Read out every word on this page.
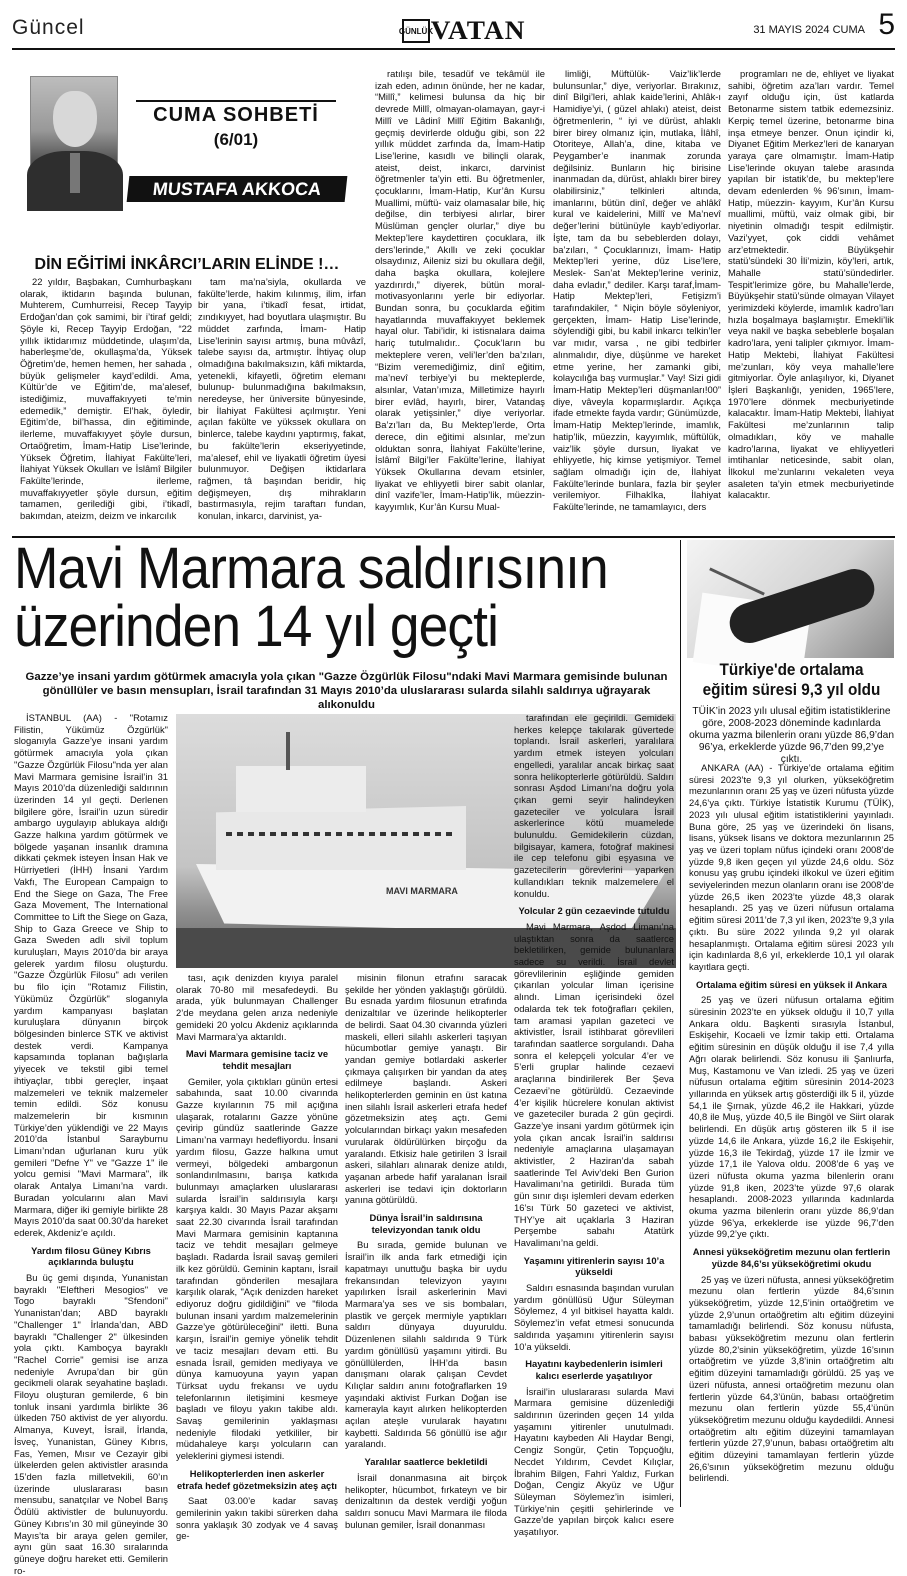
Güncel	GÜNLÜK
VATAN	31 MAYIS 2024 CUMA 5
CUMA SOHBETİ
(6/01)
MUSTAFA AKKOCA
DİN EĞİTİMİ İNKÂRCI’LARIN ELİNDE !…

22 yıldır, Başbakan, Cumhurbaşkanı olarak, iktidarın başında bulunan, Muhterem, Cumhurreisi, Recep Tayyip Erdoğan’dan çok samimi, bir i’tiraf geldi; Şöyle ki, Recep Tayyip Erdoğan, “22 yıllık iktidarımız müddetinde, ulaşım’da, haberleşme’de, okullaşma’da, Yüksek Öğretim’de, hemen hemen, her sahada , büyük gelişmeler kayd’edildi. Ama, Kültür’de ve Eğitim’de, ma’alesef, istediğimiz, muvaffakıyyeti te’min edemedik,” demiştir. El’hak, öyledir, Eğitim’de, bil’hassa, din eğitiminde, ilerleme, muvaffakıyyet şöyle dursun, Ortaöğretim, İmam-Hatip Lise’lerinde, Yüksek Öğretim, İlahiyat Fakülte’leri, İlahiyat Yüksek Okulları ve İslâmî Bilgiler Fakülte’lerinde, ilerleme, muvaffakıyyetler şöyle dursun, eğitim tamamen, gerilediği gibi, i’tikadî, bakımdan, ateizm, deizm ve inkarcılık

tam ma’na’siyla, okullarda ve fakülte’lerde, hakim kılınmış, ilim, irfan bir yana, i’tikadî fesat, irtidat, zındıkıyyet, had boyutlara ulaşmıştır. Bu müddet zarfında, İmam- Hatip Lise’lerinin sayısı artmış, buna mûvâzî, talebe sayısı da, artmıştır. İhtiyaç olup olmadığına bakılmaksızın, kâfi miktarda, yetenekli, kifayetli, öğretim elemanı bulunup- bulunmadığına bakılmaksın, neredeyse, her üniversite bünyesinde, bir İlahiyat Fakültesi açılmıştır. Yeni açılan fakülte ve yükssek okullara on binlerce, talebe kaydını yaptırmış, fakat, bu fakülte’lerin ekseriyyetinde, ma’alesef, ehil ve liyakatli öğretim üyesi bulunmuyor. Değişen iktidarlara rağmen, tâ başından beridir, hiç değişmeyen, dış mihrakların bastırmasıyla, rejim taraftarı fundan, konulan, inkarcı, darvinist, ya-

ratılışı bile, tesadüf ve tekâmül ile izah eden, adının önünde, her ne kadar, “Millî,” kelimesi bulunsa da hiç bir devrede Millî, olmayan-olamayan, gayr-i Millî ve Lâdinî Millî Eğitim Bakanlığı, geçmiş devirlerde olduğu gibi, son 22 yıllık müddet zarfında da, İmam-Hatip Lise’lerine, kasıdlı ve bilinçli olarak, ateist, deist, inkarcı, darvinist öğretmenler ta’yin etti. Bu öğretmenler, çocuklarını, İmam-Hatip, Kur’ân Kursu Muallimi, müftü- vaiz olamasalar bile, hiç değilse, din terbiyesi alırlar, birer Müslüman gençler olurlar,” diye bu Mektep’lere kaydettiren çocuklara, ilk ders’lerinde,” Akıllı ve zeki çocuklar olsaydınız, Aileniz sizi bu okullara değil, daha başka okullara, kolejlere yazdırırdı,” diyerek, bütün moral-motivasyonlarını yerle bir ediyorlar. Bundan sonra, bu çocuklarda eğitim hayatlarında muvaffakıyyet beklemek hayal olur. Tabi’idir, ki istisnalara daima hariç tutulmalıdır.. Çocuk’ların bu mekteplere veren, veli’ler’den ba’zıları, “Bizim veremediğimiz, dinî eğitim, ma’nevî terbiye’yi bu mekteplerde, alsınlar, Vatan’ımıza, Milletimize hayırlı birer evlâd, hayırlı, birer, Vatandaş olarak yetişsinler,” diye veriyorlar. Ba’zı’ları da, Bu Mektep’lerde, Orta derece, din eğitimi alsınlar, me’zun olduktan sonra, İlahiyat Fakülte’lerine, İslâmî Bilgi’ler Fakülte’lerine, İlahiyat Yüksek Okullarına devam etsinler, liyakat ve ehliyyetli birer sabit olanlar, dinî vazife’ler, İmam-Hatip’lik, müezzin- kayyımlık, Kur’ân Kursu Mual-

limliği, Müftülük- Vaiz’lik’lerde bulunsunlar,” diye, veriyorlar. Bırakınız, dinî Bilgi’leri, ahlak kaide’lerini, Ahlâk-ı Hamidiye’yi, ( güzel ahlakı) ateist, deist öğretmenlerin, “ iyi ve dürüst, ahlaklı birer birey olmanız için, mutlaka, İlâhî, Otoriteye, Allah’a, dine, kitaba ve Peygamber’e inanmak zorunda değilsiniz. Bunların hiç birisine inanmadan da, dürüst, ahlaklı birer birey olabilirsiniz,” telkinleri altında, imanlarını, bütün dinî, değer ve ahlâkî kural ve kaidelerini, Millî ve Ma’nevî değer’lerini bütünüyle kayb’ediyorlar. İşte, tam da bu sebeblerden dolayı, ba’zıları, “ Çocuklarınızı, İmam- Hatip Mektep’leri yerine, düz Lise’lere, Meslek- San’at Mektep’lerine veriniz, daha evladır,” dediler. Karşı taraf,İmam- Hatip Mektep’leri, Fetişizm’i tarafındakiler, “ Niçin böyle söyleniyor, gerçekten, İmam- Hatip Lise’lerinde, söylendiği gibi, bu kabil inkarcı telkin’ler var mıdır, varsa , ne gibi tedbirler alınmalıdır, diye, düşünme ve hareket etme yerine, her zamanki gibi, kolaycılığa baş vurmuşlar.” Vay! Sizi gidi İmam-Hatip Mektep’leri düşmanları!00” diye, vâveyla koparmışlardır. Açıkça ifade etmekte fayda vardır; Günümüzde, İmam-Hatip Mektep’lerinde, imamlık, hatip’lik, müezzin, kayyımlık, müftülük, vaiz’lik şöyle dursun, liyakat ve ehliyyetle, hiç kimse yetişmiyor. Temel sağlam olmadığı için de, İlahiyat Fakülte’lerinde bunlara, fazla bir şeyler verilemiyor. Filhakîka, İlahiyat Fakülte’lerinde, ne tamamlayıcı, ders

programları ne de, ehliyet ve liyakat sahibi, öğretim aza’ları vardır. Temel zayıf olduğu için, üst katlarda Betonarme sistem tatbik edemezsiniz. Kerpiç temel üzerine, betonarme bina inşa etmeye benzer. Onun içindir ki, Diyanet Eğitim Merkez’leri de kanaryan yaraya çare olmamıştır. İmam-Hatip Lise’lerinde okuyan talebe arasında yapılan bir istatik’de, bu mektep’lere devam edenlerden % 96’sının, İmam-Hatip, müezzin- kayyım, Kur’ân Kursu muallimi, müftü, vaiz olmak gibi, bir niyetinin olmadığı tespit edilmiştir. Vazi’yyet, çok ciddi vehâmet arz’etmektedir. Büyükşehir statü’sündeki 30 İli’mizin, köy’leri, artık, Mahalle statü’sündedirler. Tespit’lerimize göre, bu Mahalle’lerde, Büyükşehir statü’sünde olmayan Vilayet yerimizdeki köylerde, imamlık kadro’ları hızla boşalmaya başlamıştır. Emekli’lik veya nakil ve başka sebeblerle boşalan kadro’lara, yeni talipler çıkmıyor. İmam-Hatip Mektebi, İlahiyat Fakültesi me’zunları, köy veya mahalle’lere gitmiyorlar. Öyle anlaşılıyor, ki, Diyanet İşleri Başkanlığı, yeniden, 1965’lere, 1970’lere dönmek mecburiyetinde kalacaktır. İmam-Hatip Mektebi, İlahiyat Fakültesi me’zunlarının talip olmadıkları, köy ve mahalle kadro’larına, liyakat ve ehliyyetleri imtihanlar neticesinde, sabit olan, İlkokul me’zunlarını vekaleten veya asaleten ta’yin etmek mecburiyetinde kalacaktır.

Mavi Marmara saldırısının
üzerinden 14 yıl geçti
Gazze’ye insani yardım götürmek amacıyla yola çıkan "Gazze Özgürlük Filosu"ndaki Mavi Marmara gemisinde bulunan gönüllüler ve basın mensupları, İsrail tarafından 31 Mayıs 2010’da uluslararası sularda silahlı saldırıya uğrayarak alıkonuldu

İSTANBUL (AA) - "Rotamız Filistin, Yükümüz Özgürlük" sloganıyla Gazze’ye insani yardım götürmek amacıyla yola çıkan "Gazze Özgürlük Filosu"nda yer alan Mavi Marmara gemisine İsrail’in 31 Mayıs 2010’da düzenlediği saldırının üzerinden 14 yıl geçti. Derlenen bilgilere göre, İsrail’in uzun süredir ambargo uygulayıp ablukaya aldığı Gazze halkına yardım götürmek ve bölgede yaşanan insanlık dramına dikkati çekmek isteyen İnsan Hak ve Hürriyetleri (İHH) İnsani Yardım Vakfı, The European Campaign to End the Siege on Gaza, The Free Gaza Movement, The International Committee to Lift the Siege on Gaza, Ship to Gaza Greece ve Ship to Gaza Sweden adlı sivil toplum kuruluşları, Mayıs 2010’da bir araya gelerek yardım filosu oluşturdu. "Gazze Özgürlük Filosu" adı verilen bu filo için "Rotamız Filistin, Yükümüz Özgürlük" sloganıyla yardım kampanyası başlatan kuruluşlara dünyanın birçok bölgesinden binlerce STK ve aktivist destek verdi. Kampanya kapsamında toplanan bağışlarla yiyecek ve tekstil gibi temel ihtiyaçlar, tıbbi gereçler, inşaat malzemeleri ve teknik malzemeler temin edildi. Söz konusu malzemelerin bir kısmının Türkiye’den yüklendiği ve 22 Mayıs 2010’da İstanbul Sarayburnu Limanı’ndan uğurlanan kuru yük gemileri "Defne Y" ve "Gazze 1" ile yolcu gemisi "Mavi Marmara", ilk olarak Antalya Limanı’na vardı. Buradan yolcularını alan Mavi Marmara, diğer iki gemiyle birlikte 28 Mayıs 2010’da saat 00.30’da hareket ederek, Akdeniz’e açıldı.

Yardım filosu Güney Kıbrıs açıklarında buluştu

Bu üç gemi dışında, Yunanistan bayraklı "Eleftheri Mesogios" ve Togo bayraklı "Sfendoni" Yunanistan’dan; ABD bayraklı "Challenger 1" İrlanda’dan, ABD bayraklı "Challenger 2" ülkesinden yola çıktı. Kamboçya bayraklı "Rachel Corrie" gemisi ise arıza nedeniyle Avrupa’dan bir gün gecikmeli olarak seyahatine başladı. Filoyu oluşturan gemilerde, 6 bin tonluk insani yardımla birlikte 36 ülkeden 750 aktivist de yer alıyordu. Almanya, Kuveyt, İsrail, İrlanda, İsveç, Yunanistan, Güney Kıbrıs, Fas, Yemen, Mısır ve Cezayir gibi ülkelerden gelen aktivistler arasında 15’den fazla milletvekili, 60’ın üzerinde uluslararası basın mensubu, sanatçılar ve Nobel Barış Ödülü aktivistler de bulunuyordu. Güney Kıbrıs’ın 30 mil güneyinde 30 Mayıs’ta bir araya gelen gemiler, aynı gün saat 16.30 sıralarında güneye doğru hareket etti. Gemilerin ro-

MAVI MARMARA

tası, açık denizden kıyıya paralel olarak 70-80 mil mesafedeydi. Bu arada, yük bulunmayan Challenger 2’de meydana gelen arıza nedeniyle gemideki 20 yolcu Akdeniz açıklarında Mavi Marmara’ya aktarıldı.

Mavi Marmara gemisine taciz ve tehdit mesajları

Gemiler, yola çıktıkları günün ertesi sabahında, saat 10.00 civarında Gazze kıyılarının 75 mil açığına ulaşarak, rotalarını Gazze yönüne çevirip gündüz saatlerinde Gazze Limanı’na varmayı hedefliyordu. İnsani yardım filosu, Gazze halkına umut vermeyi, bölgedeki ambargonun sonlandırılmasını, barışa katkıda bulunmayı amaçlarken uluslararası sularda İsrail’in saldırısıyla karşı karşıya kaldı. 30 Mayıs Pazar akşamı saat 22.30 civarında İsrail tarafından Mavi Marmara gemisinin kaptanına taciz ve tehdit mesajları gelmeye başladı. Radarda İsrail savaş gemileri ilk kez görüldü. Geminin kaptanı, İsrail tarafından gönderilen mesajlara karşılık olarak, "Açık denizden hareket ediyoruz doğru gidildiğini" ve "filoda bulunan insani yardım malzemelerinin Gazze’ye götürüleceğini" iletti. Buna karşın, İsrail’in gemiye yönelik tehdit ve taciz mesajları devam etti. Bu esnada İsrail, gemiden mediyaya ve dünya kamuoyuna yayın yapan Türksat uydu frekansı ve uydu telefonlarının iletişimini kesmeye başladı ve filoyu yakın takibe aldı. Savaş gemilerinin yaklaşması nedeniyle filodaki yetkililer, bir müdahaleye karşı yolcuların can yeleklerini giymesi istendi.

Helikopterlerden inen askerler etrafa hedef gözetmeksizin ateş açtı

Saat 03.00’e kadar savaş gemilerinin yakın takibi sürerken daha sonra yaklaşık 30 zodyak ve 4 savaş ge-

misinin filonun etrafını saracak şekilde her yönden yaklaştığı görüldü. Bu esnada yardım filosunun etrafında denizaltılar ve üzerinde helikopterler de belirdi. Saat 04.30 civarında yüzleri maskeli, elleri silahlı askerleri taşıyan hücumbotlar gemiye yanaştı. Bir yandan gemiye botlardaki askerler çıkmaya çalışırken bir yandan da ateş edilmeye başlandı. Askeri helikopterlerden geminin en üst katına inen silahlı İsrail askerleri etrafa hedef gözetmeksizin ateş açtı. Gemi yolcularından birkaçı yakın mesafeden vurularak öldürülürken birçoğu da yaralandı. Etkisiz hale getirilen 3 İsrail askeri, silahları alınarak denize atıldı, yaşanan arbede hafif yaralanan İsrail askerleri ise tedavi için doktorların yanına götürüldü.

Dünya İsrail’in saldırısına televizyondan tanık oldu

Bu sırada, gemide bulunan ve İsrail’in ilk anda fark etmediği için kapatmayı unuttuğu başka bir uydu frekansından televizyon yayını yapılırken İsrail askerlerinin Mavi Marmara’ya ses ve sis bombaları, plastik ve gerçek mermiyle yaptıkları saldırı dünyaya duyuruldu. Düzenlenen silahlı saldırıda 9 Türk yardım gönüllüsü yaşamını yitirdi. Bu gönüllülerden, İHH’da basın danışmanı olarak çalışan Cevdet Kılıçlar saldırı anını fotoğraflarken 19 yaşındaki aktivist Furkan Doğan ise kamerayla kayıt alırken helikopterden açılan ateşle vurularak hayatını kaybetti. Saldırıda 56 gönüllü ise ağır yaralandı.

Yaralılar saatlerce bekletildi

İsrail donanmasına ait birçok helikopter, hücumbot, fırkateyn ve bir denizaltının da destek verdiği yoğun saldırı sonucu Mavi Marmara ile filoda bulunan gemiler, İsrail donanması

tarafından ele geçirildi. Gemideki herkes kelepçe takılarak güvertede toplandı. İsrail askerleri, yaralılara yardım etmek isteyen yolcuları engelledi, yaralılar ancak birkaç saat sonra helikopterlerle götürüldü. Saldırı sonrası Aşdod Limanı’na doğru yola çıkan gemi seyir halindeyken gazeteciler ve yolculara İsrail askerlerince kötü muamelede bulunuldu. Gemidekilerin cüzdan, bilgisayar, kamera, fotoğraf makinesi ile cep telefonu gibi eşyasına ve gazetecilerin görevlerini yaparken kullandıkları teknik malzemelere el konuldu.

Yolcular 2 gün cezaevinde tutuldu

Mavi Marmara, Aşdod Limanı’na ulaştıktan sonra da saatlerce bekletilirken, gemide bulunanlara sadece su verildi. İsrail devlet görevlilerinin eşliğinde gemiden çıkarılan yolcular liman içerisine alındı. Liman içerisindeki özel odalarda tek tek fotoğrafları çekilen, tam aramasi yapılan gazeteci ve aktivistler, İsrail istihbarat görevlileri tarafından saatlerce sorgulandı. Daha sonra el kelepçeli yolcular 4’er ve 5’erli gruplar halinde cezaevi araçlarına bindirilerek Ber Şeva Cezaevi’ne götürüldü. Cezaevinde 4’er kişilik hücrelere konulan aktivist ve gazeteciler burada 2 gün geçirdi. Gazze’ye insani yardım götürmek için yola çıkan ancak İsrail’in saldırısı nedeniyle amaçlarına ulaşamayan aktivistler, 2 Haziran’da sabah saatlerinde Tel Aviv’deki Ben Gurion Havalimanı’na getirildi. Burada tüm gün sınır dışı işlemleri devam ederken 16’sı Türk 50 gazeteci ve aktivist, THY’ye ait uçaklarla 3 Haziran Perşembe sabahı Atatürk Havalimanı’na geldi.

Yaşamını yitirenlerin sayısı 10’a yükseldi

Saldırı esnasında başından vurulan yardım gönüllüsü Uğur Süleyman Söylemez, 4 yıl bitkisel hayatta kaldı. Söylemez’in vefat etmesi sonucunda saldırıda yaşamını yitirenlerin sayısı 10’a yükseldi.

Hayatını kaybedenlerin isimleri kalıcı eserlerde yaşatılıyor

İsrail’in uluslararası sularda Mavi Marmara gemisine düzenlediği saldırının üzerinden geçen 14 yılda yaşamını yitirenler unutulmadı. Hayatını kaybeden Ali Haydar Bengi, Cengiz Songür, Çetin Topçuoğlu, Necdet Yıldırım, Cevdet Kılıçlar, İbrahim Bilgen, Fahri Yaldız, Furkan Doğan, Cengiz Akyüz ve Uğur Süleyman Söylemez’in isimleri, Türkiye’nin çeşitli şehirlerinde ve Gazze’de yapılan birçok kalıcı esere yaşatılıyor.

Türkiye'de ortalama eğitim süresi 9,3 yıl oldu
TÜİK’in 2023 yılı ulusal eğitim istatistiklerine göre, 2008-2023 döneminde kadınlarda okuma yazma bilenlerin oranı yüzde 86,9’dan 96’ya, erkeklerde yüzde 96,7’den 99,2’ye çıktı.

ANKARA (AA) - Türkiye’de ortalama eğitim süresi 2023’te 9,3 yıl olurken, yükseköğretim mezunlarının oranı 25 yaş ve üzeri nüfusta yüzde 24,6’ya çıktı. Türkiye İstatistik Kurumu (TÜİK), 2023 yılı ulusal eğitim istatistiklerini yayınladı. Buna göre, 25 yaş ve üzerindeki ön lisans, lisans, yüksek lisans ve doktora mezunlarının 25 yaş ve üzeri toplam nüfus içindeki oranı 2008’de yüzde 9,8 iken geçen yıl yüzde 24,6 oldu. Söz konusu yaş grubu içindeki ilkokul ve üzeri eğitim seviyelerinden mezun olanların oranı ise 2008’de yüzde 26,5 iken 2023’te yüzde 48,3 olarak hesaplandı. 25 yaş ve üzeri nüfusun ortalama eğitim süresi 2011’de 7,3 yıl iken, 2023’te 9,3 yıla çıktı. Bu süre 2022 yılında 9,2 yıl olarak hesaplanmıştı. Ortalama eğitim süresi 2023 yılı için kadınlarda 8,6 yıl, erkeklerde 10,1 yıl olarak kayıtlara geçti.

Ortalama eğitim süresi en yüksek il Ankara

25 yaş ve üzeri nüfusun ortalama eğitim süresinin 2023’te en yüksek olduğu il 10,7 yılla Ankara oldu. Başkenti sırasıyla İstanbul, Eskişehir, Kocaeli ve İzmir takip etti. Ortalama eğitim süresinin en düşük olduğu il ise 7,4 yılla Ağrı olarak belirlendi. Söz konusu ili Şanlıurfa, Muş, Kastamonu ve Van izledi. 25 yaş ve üzeri nüfusun ortalama eğitim süresinin 2014-2023 yıllarında en yüksek artış gösterdiği ilk 5 il, yüzde 54,1 ile Şırnak, yüzde 46,2 ile Hakkari, yüzde 40,8 ile Muş, yüzde 40,5 ile Bingöl ve Siirt olarak belirlendi. En düşük artış gösteren ilk 5 il ise yüzde 14,6 ile Ankara, yüzde 16,2 ile Eskişehir, yüzde 16,3 ile Tekirdağ, yüzde 17 ile İzmir ve yüzde 17,1 ile Yalova oldu. 2008’de 6 yaş ve üzeri nüfusta okuma yazma bilenlerin oranı yüzde 91,8 iken, 2023’te yüzde 97,6 olarak hesaplandı. 2008-2023 yıllarında kadınlarda okuma yazma bilenlerin oranı yüzde 86,9’dan yüzde 96’ya, erkeklerde ise yüzde 96,7’den yüzde 99,2’ye çıktı.

Annesi yükseköğretim mezunu olan fertlerin yüzde 84,6’sı yükseköğretimi okudu

25 yaş ve üzeri nüfusta, annesi yükseköğretim mezunu olan fertlerin yüzde 84,6’sının yükseköğretim, yüzde 12,5’inin ortaöğretim ve yüzde 2,9’unun ortaöğretim altı eğitim düzeyini tamamladığı belirlendi. Söz konusu nüfusta, babası yükseköğretim mezunu olan fertlerin yüzde 80,2’sinin yükseköğretim, yüzde 16’sının ortaöğretim ve yüzde 3,8’inin ortaöğretim altı eğitim düzeyini tamamladığı görüldü. 25 yaş ve üzeri nüfusta, annesi ortaöğretim mezunu olan fertlerin yüzde 64,3’ünün, babası ortaöğretim mezunu olan fertlerin yüzde 55,4’ünün yükseköğretim mezunu olduğu kaydedildi. Annesi ortaöğretim altı eğitim düzeyini tamamlayan fertlerin yüzde 27,9’unun, babası ortaöğretim altı eğitim düzeyini tamamlayan fertlerin yüzde 26,6’sının yükseköğretim mezunu olduğu belirlendi.
